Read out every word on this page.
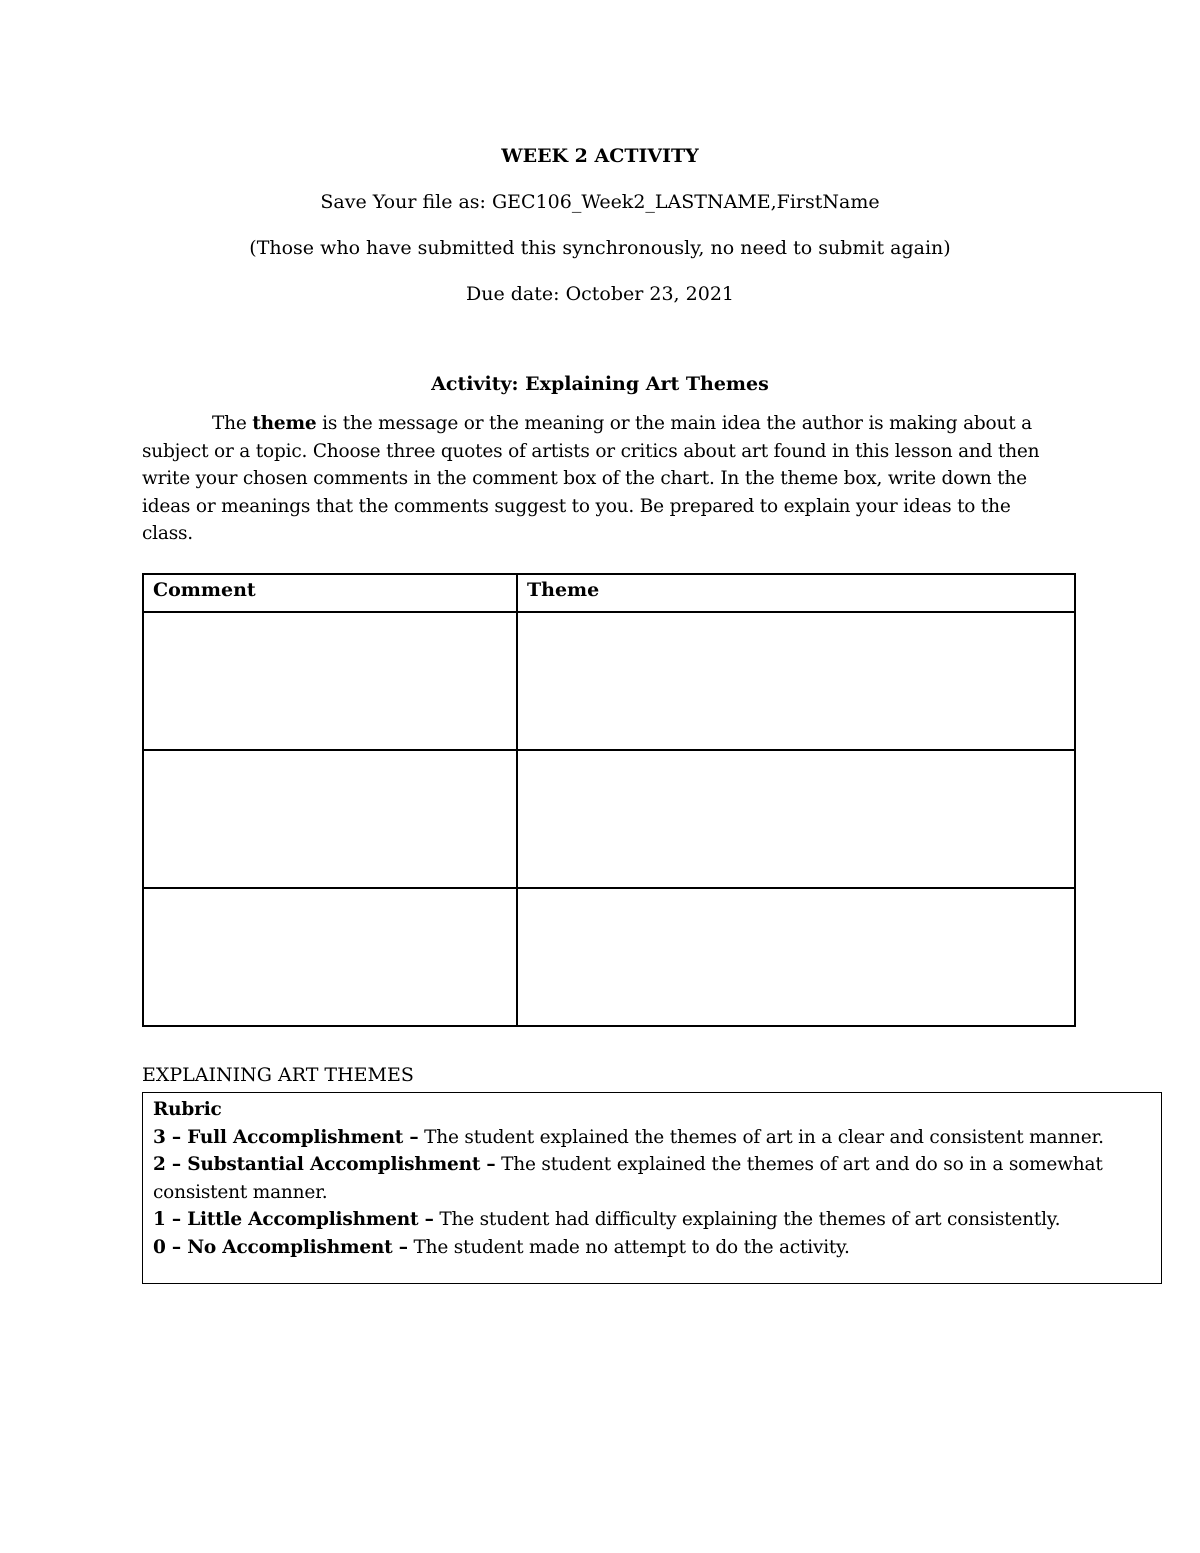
WEEK 2 ACTIVITY
Save Your file as: GEC106_Week2_LASTNAME,FirstName
(Those who have submitted this synchronously, no need to submit again)
Due date: October 23, 2021
Activity: Explaining Art Themes
The theme is the message or the meaning or the main idea the author is making about a subject or a topic. Choose three quotes of artists or critics about art found in this lesson and then write your chosen comments in the comment box of the chart. In the theme box, write down the ideas or meanings that the comments suggest to you. Be prepared to explain your ideas to the class.
Comment	Theme

EXPLAINING ART THEMES

Rubric

3 – Full Accomplishment – The student explained the themes of art in a clear and consistent manner.

2 – Substantial Accomplishment – The student explained the themes of art and do so in a somewhat consistent manner.

1 – Little Accomplishment – The student had difficulty explaining the themes of art consistently.

0 – No Accomplishment – The student made no attempt to do the activity.
